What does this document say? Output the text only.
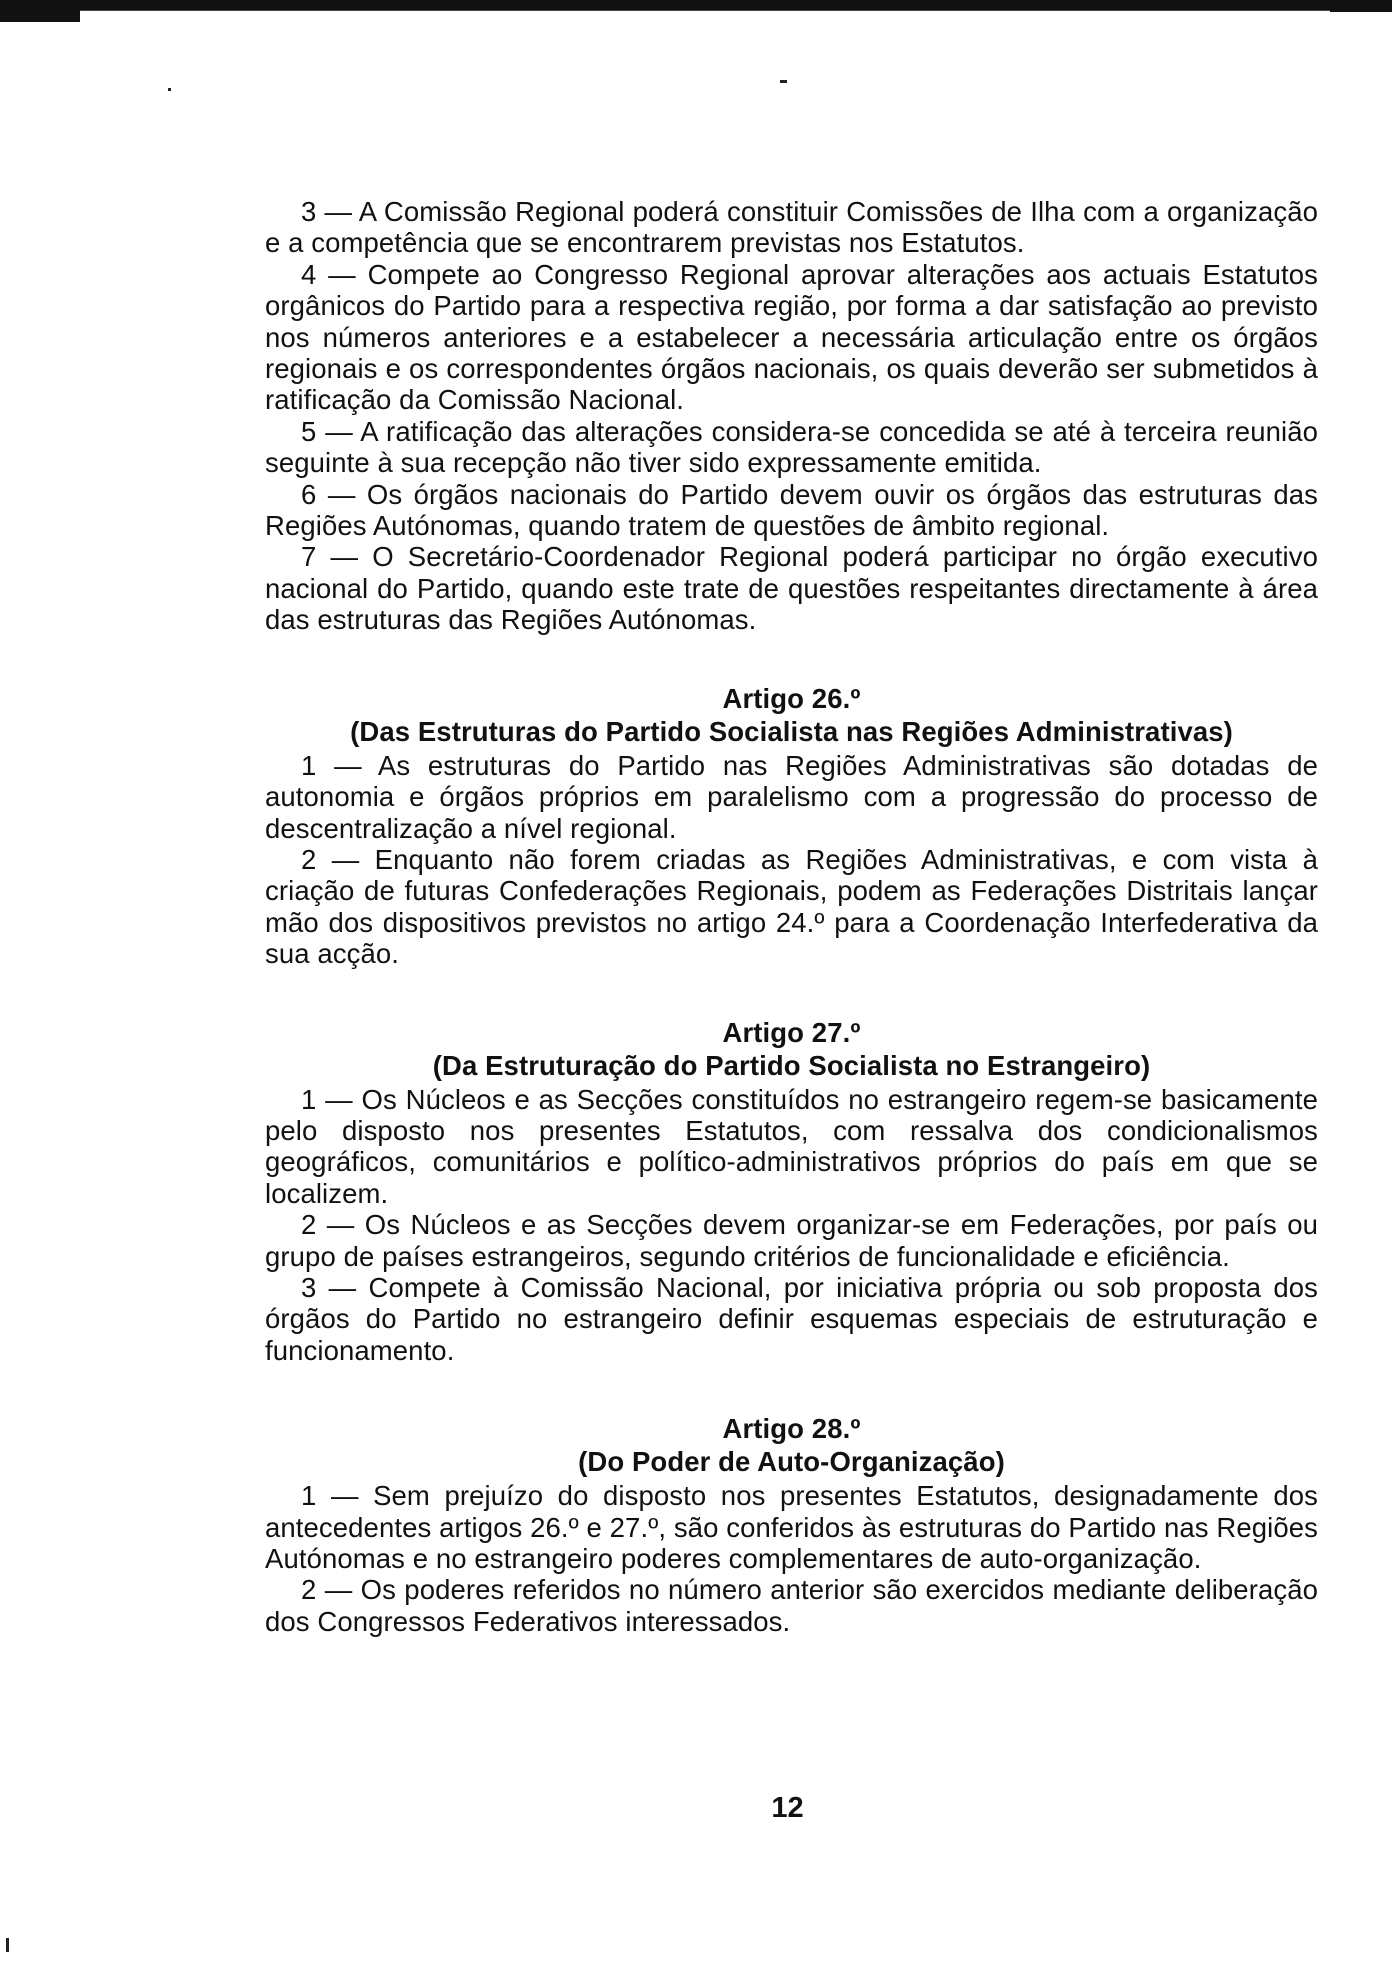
3 — A Comissão Regional poderá constituir Comissões de Ilha com a organização e a competência que se encontrarem previstas nos Estatutos.

4 — Compete ao Congresso Regional aprovar alterações aos actuais Estatutos orgânicos do Partido para a respectiva região, por forma a dar satisfação ao previsto nos números anteriores e a estabelecer a necessária articulação entre os órgãos regionais e os correspondentes órgãos nacionais, os quais deverão ser submetidos à ratificação da Comissão Nacional.

5 — A ratificação das alterações considera-se concedida se até à terceira reunião seguinte à sua recepção não tiver sido expressamente emitida.

6 — Os órgãos nacionais do Partido devem ouvir os órgãos das estruturas das Regiões Autónomas, quando tratem de questões de âmbito regional.

7 — O Secretário-Coordenador Regional poderá participar no órgão executivo nacional do Partido, quando este trate de questões respeitantes directamente à área das estruturas das Regiões Autónomas.

Artigo 26.º
(Das Estruturas do Partido Socialista nas Regiões Administrativas)

1 — As estruturas do Partido nas Regiões Administrativas são dotadas de autonomia e órgãos próprios em paralelismo com a progressão do processo de descentralização a nível regional.

2 — Enquanto não forem criadas as Regiões Administrativas, e com vista à criação de futuras Confederações Regionais, podem as Federações Distritais lançar mão dos dispositivos previstos no artigo 24.º para a Coordenação Interfederativa da sua acção.

Artigo 27.º
(Da Estruturação do Partido Socialista no Estrangeiro)

1 — Os Núcleos e as Secções constituídos no estrangeiro regem-se basicamente pelo disposto nos presentes Estatutos, com ressalva dos condicionalismos geográficos, comunitários e político-administrativos próprios do país em que se localizem.

2 — Os Núcleos e as Secções devem organizar-se em Federações, por país ou grupo de países estrangeiros, segundo critérios de funcionalidade e eficiência.

3 — Compete à Comissão Nacional, por iniciativa própria ou sob proposta dos órgãos do Partido no estrangeiro definir esquemas especiais de estruturação e funcionamento.

Artigo 28.º
(Do Poder de Auto-Organização)

1 — Sem prejuízo do disposto nos presentes Estatutos, designadamente dos antecedentes artigos 26.º e 27.º, são conferidos às estruturas do Partido nas Regiões Autónomas e no estrangeiro poderes complementares de auto-organização.

2 — Os poderes referidos no número anterior são exercidos mediante deliberação dos Congressos Federativos interessados.

12
